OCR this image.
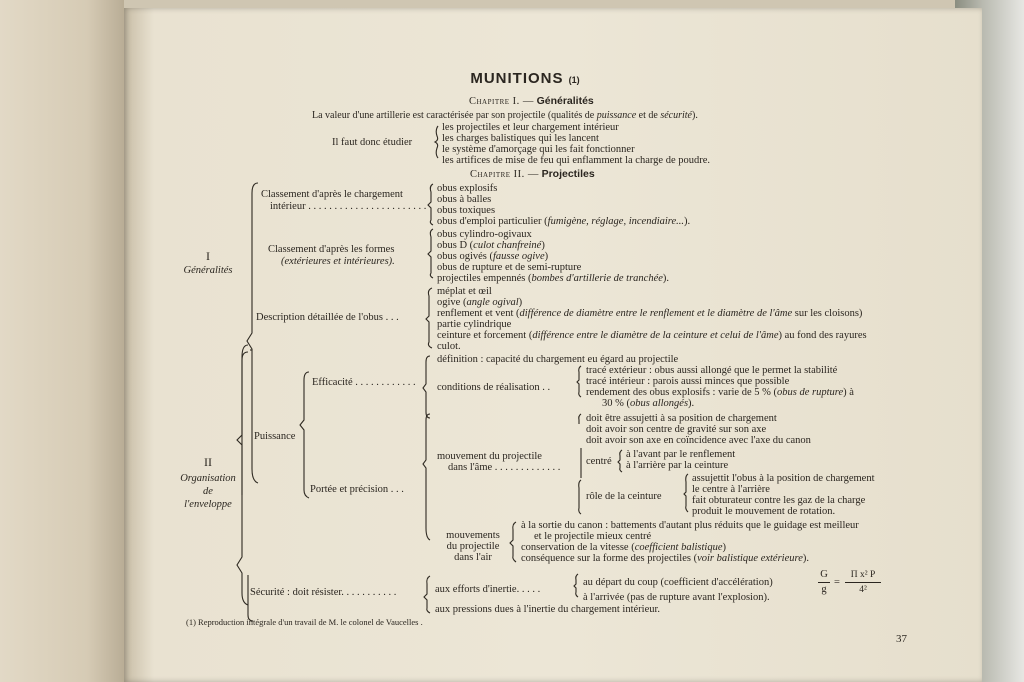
MUNITIONS (1)
Chapitre I. — Généralités
La valeur d'une artillerie est caractérisée par son projectile (qualités de puissance et de sécurité).
Il faut donc étudier
les projectiles et leur chargement intérieur
les charges balistiques qui les lancent
le système d'amorçage qui les fait fonctionner
les artifices de mise de feu qui enflamment la charge de poudre.
Chapitre II. — Projectiles
I
Généralités
Classement d'après le chargement
intérieur . . . . . . . . . . . . . . . . . . . . . . .
obus explosifs
obus à balles
obus toxiques
obus d'emploi particulier (fumigène, réglage, incendiaire...).
Classement d'après les formes
(extérieures et intérieures).
obus cylindro-ogivaux
obus D (culot chanfreiné)
obus ogivés (fausse ogive)
obus de rupture et de semi-rupture
projectiles empennés (bombes d'artillerie de tranchée).
Description détaillée de l'obus . . .
méplat et œil
ogive (angle ogival)
renflement et vent (différence de diamètre entre le renflement et le diamètre de l'âme sur les cloisons)
partie cylindrique
ceinture et forcement (différence entre le diamètre de la ceinture et celui de l'âme) au fond des rayures
culot.
II
Organisation
de
l'enveloppe
Puissance
Efficacité . . . . . . . . . . . .
définition : capacité du chargement eu égard au projectile
conditions de réalisation . .
tracé extérieur : obus aussi allongé que le permet la stabilité
tracé intérieur : parois aussi minces que possible
rendement des obus explosifs : varie de 5 % (obus de rupture) à
30 % (obus allongés).
Portée et précision . . .
mouvement du projectile
dans l'âme . . . . . . . . . . . . .
doit être assujetti à sa position de chargement
doit avoir son centre de gravité sur son axe
doit avoir son axe en coïncidence avec l'axe du canon
centré
à l'avant par le renflement
à l'arrière par la ceinture
rôle de la ceinture
assujettit l'obus à la position de chargement
le centre à l'arrière
fait obturateur contre les gaz de la charge
produit le mouvement de rotation.
mouvements
du projectile
dans l'air
à la sortie du canon : battements d'autant plus réduits que le guidage est meilleur
et le projectile mieux centré
conservation de la vitesse (coefficient balistique)
conséquence sur la forme des projectiles (voir balistique extérieure).
Sécurité : doit résister. . . . . . . . . . .	aux efforts d'inertie. . . . .
au départ du coup (coefficient d'accélération)
à l'arrivée (pas de rupture avant l'explosion).
aux pressions dues à l'inertie du chargement intérieur.
G
g
=
Π x² P
4²
(1) Reproduction intégrale d'un travail de M. le colonel de Vaucelles .
37
